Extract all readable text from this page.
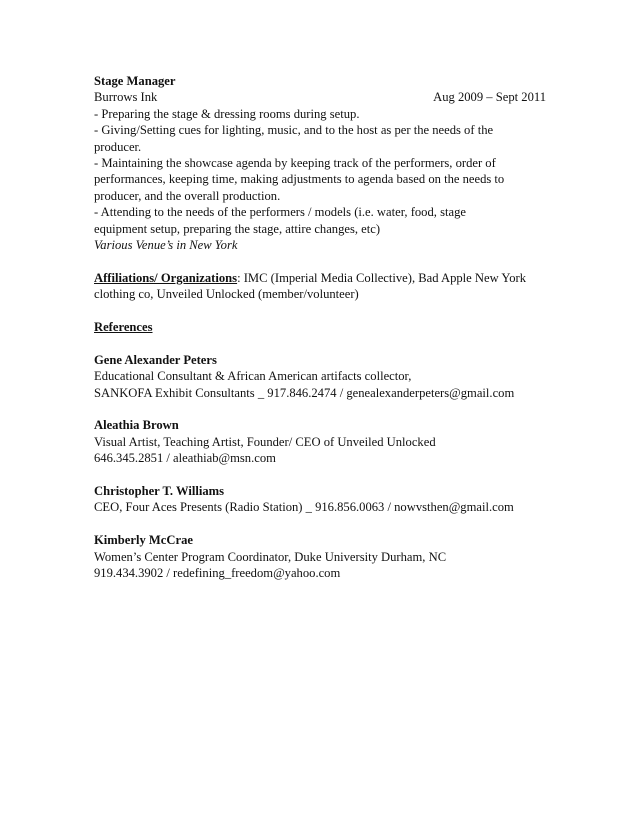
Stage Manager
Burrows Ink	Aug 2009 – Sept 2011
- Preparing the stage & dressing rooms during setup.
- Giving/Setting cues for lighting, music, and to the host as per the needs of the
producer.
- Maintaining the showcase agenda by keeping track of the performers, order of
performances, keeping time, making adjustments to agenda based on the needs to
producer, and the overall production.
- Attending to the needs of the performers / models (i.e. water, food, stage
equipment setup, preparing the stage, attire changes, etc)
Various Venue’s in New York
Affiliations/ Organizations: IMC (Imperial Media Collective), Bad Apple New York
clothing co, Unveiled Unlocked (member/volunteer)
References
Gene Alexander Peters
Educational Consultant & African American artifacts collector,
SANKOFA Exhibit Consultants _ 917.846.2474 / genealexanderpeters@gmail.com
Aleathia Brown
Visual Artist, Teaching Artist, Founder/ CEO of Unveiled Unlocked
646.345.2851 / aleathiab@msn.com
Christopher T. Williams
CEO, Four Aces Presents (Radio Station) _ 916.856.0063 / nowvsthen@gmail.com
Kimberly McCrae
Women’s Center Program Coordinator, Duke University Durham, NC
919.434.3902 / redefining_freedom@yahoo.com
